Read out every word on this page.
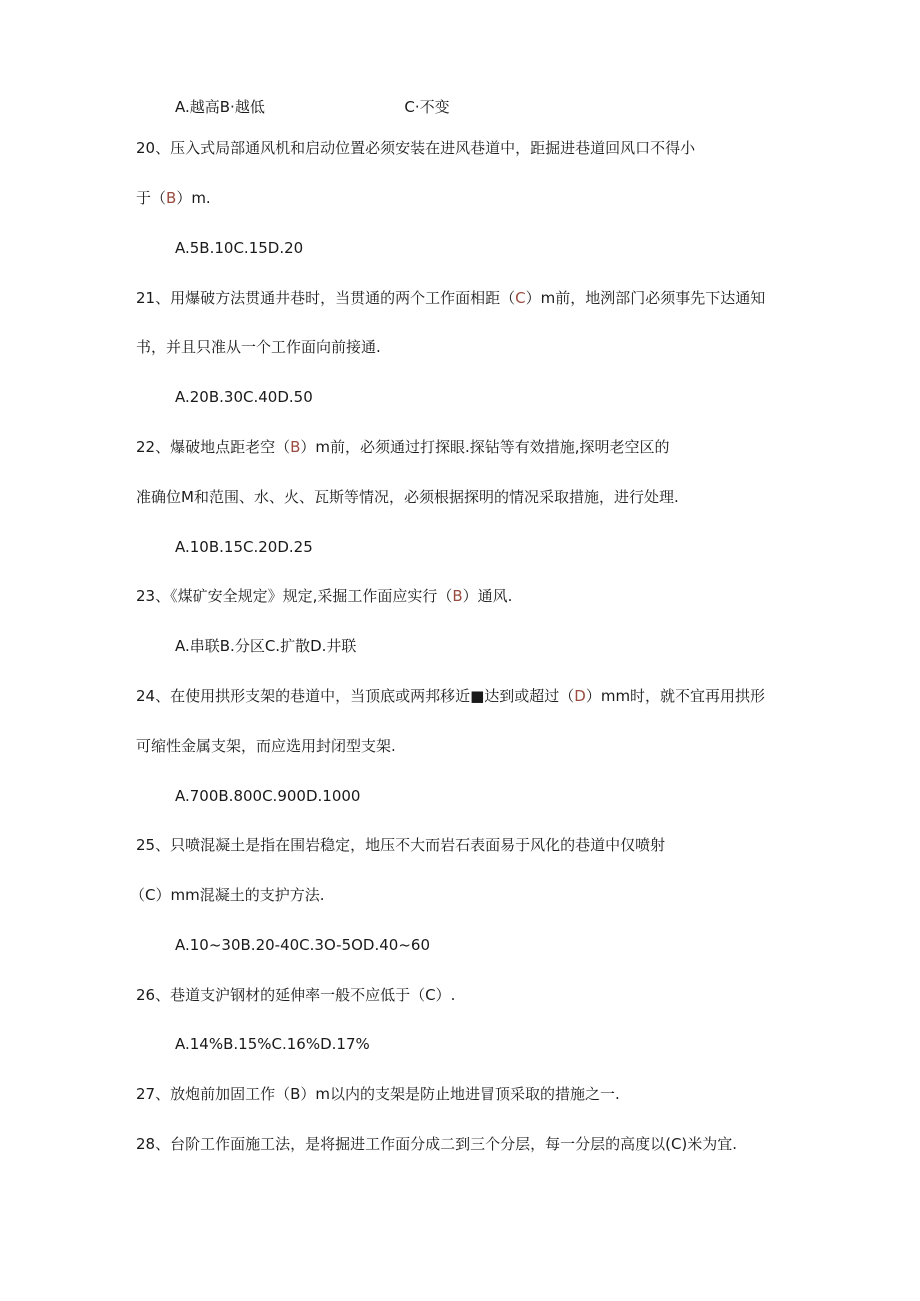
A.越高B·越低	C·不变
20、压入式局部通风机和启动位置必须安装在进风巷道中，距掘进巷道回风口不得小
于（B）m.
A.5B.10C.15D.20
21、用爆破方法贯通井巷时，当贯通的两个工作面相距（C）m前，地洌部门必须事先下达通知
书，并且只准从一个工作面向前接通.
A.20B.30C.40D.50
22、爆破地点距老空（B）m前，必须通过打探眼.探钻等有效措施,探明老空区的
准确位M和范围、水、火、瓦斯等情况，必须根据探明的情况采取措施，进行处理.
A.10B.15C.20D.25
23、《煤矿安全规定》规定,采掘工作面应实行（B）通风.
A.串联B.分区C.扩散D.井联
24、在使用拱形支架的巷道中，当顶底或两邦移近■达到或超过（D）mm时，就不宜再用拱形
可缩性金属支架，而应选用封闭型支架.
A.700B.800C.900D.1000
25、只喷混凝土是指在围岩稳定，地压不大而岩石表面易于风化的巷道中仅喷射
（C）mm混凝土的支护方法.
A.10~30B.20-40C.3O-5OD.40~60
26、巷道支沪钢材的延伸率一般不应低于（C）.
A.14%B.15%C.16%D.17%
27、放炮前加固工作（B）m以内的支架是防止地进冒顶采取的措施之一.
28、台阶工作面施工法，是将掘进工作面分成二到三个分层，每一分层的高度以(C)米为宜.
